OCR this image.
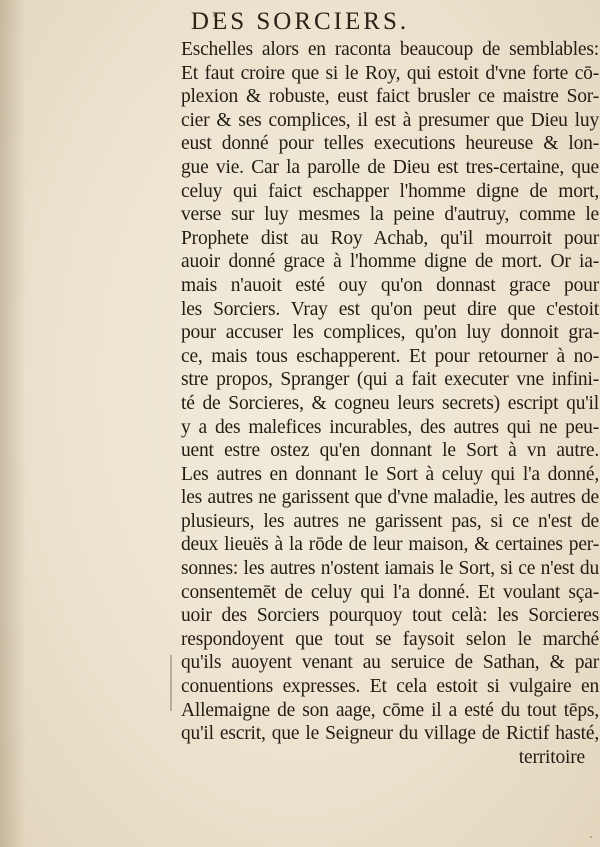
DES SORCIERS.
Eschelles alors en raconta beaucoup de semblables:
Et faut croire que si le Roy, qui estoit d'vne forte cō-
plexion & robuste, eust faict brusler ce maistre Sor-
cier & ses complices, il est à presumer que Dieu luy
eust donné pour telles executions heureuse & lon-
gue vie. Car la parolle de Dieu est tres-certaine, que
celuy qui faict eschapper l'homme digne de mort,
verse sur luy mesmes la peine d'autruy, comme le
Prophete dist au Roy Achab, qu'il mourroit pour
auoir donné grace à l'homme digne de mort. Or ia-
mais n'auoit esté ouy qu'on donnast grace pour
les Sorciers. Vray est qu'on peut dire que c'estoit
pour accuser les complices, qu'on luy donnoit gra-
ce, mais tous eschapperent. Et pour retourner à no-
stre propos, Spranger (qui a fait executer vne infini-
té de Sorcieres, & cogneu leurs secrets) escript qu'il
y a des malefices incurables, des autres qui ne peu-
uent estre ostez qu'en donnant le Sort à vn autre.
Les autres en donnant le Sort à celuy qui l'a donné,
les autres ne garissent que d'vne maladie, les autres de
plusieurs, les autres ne garissent pas, si ce n'est de
deux lieuës à la rōde de leur maison, & certaines per-
sonnes: les autres n'ostent iamais le Sort, si ce n'est du
consentemēt de celuy qui l'a donné. Et voulant sça-
uoir des Sorciers pourquoy tout celà: les Sorcieres
respondoyent que tout se faysoit selon le marché
qu'ils auoyent venant au seruice de Sathan, & par
conuentions expresses. Et cela estoit si vulgaire en
Allemaigne de son aage, cōme il a esté du tout tēps,
qu'il escrit, que le Seigneur du village de Rictif hasté,
territoire
